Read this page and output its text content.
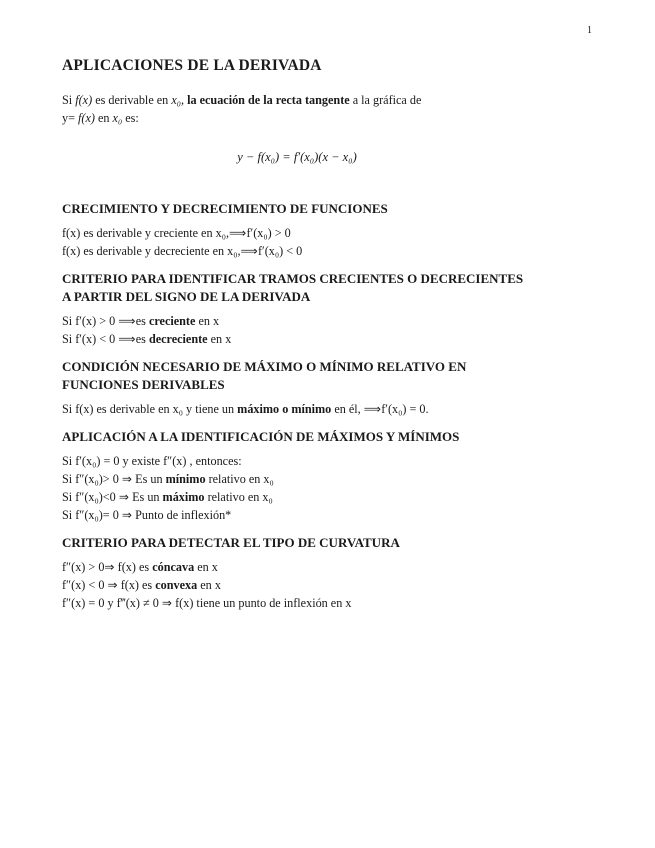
1
APLICACIONES DE LA DERIVADA

Si f(x) es derivable en x₀, la ecuación de la recta tangente a la gráfica de
y= f(x) en x₀ es:

y − f(x₀) = f′(x₀)(x − x₀)
CRECIMIENTO Y DECRECIMIENTO DE FUNCIONES

f(x) es derivable y creciente en x₀,⟹f′(x₀) > 0

f(x) es derivable y decreciente en x₀,⟹f′(x₀) < 0

CRITERIO PARA IDENTIFICAR TRAMOS CRECIENTES O DECRECIENTES A PARTIR DEL SIGNO DE LA DERIVADA

Si f′(x) > 0 ⟹es creciente en x

Si f′(x) < 0 ⟹es decreciente en x

CONDICIÓN NECESARIO DE MÁXIMO O MÍNIMO RELATIVO EN FUNCIONES DERIVABLES

Si f(x) es derivable en x₀ y tiene un máximo o mínimo en él, ⟹f′(x₀) = 0.

APLICACIÓN A LA IDENTIFICACIÓN DE MÁXIMOS Y MÍNIMOS

Si f′(x₀) = 0 y existe f″(x) , entonces:

Si f″(x₀)> 0 ⇒ Es un mínimo relativo en x₀

Si f″(x₀)<0 ⇒ Es un máximo relativo en x₀

Si f″(x₀)= 0 ⇒ Punto de inflexión*

CRITERIO PARA DETECTAR EL TIPO DE CURVATURA

f″(x) > 0⇒ f(x) es cóncava en x

f″(x) < 0 ⇒ f(x) es convexa en x

f″(x) = 0 y f‴(x) ≠ 0 ⇒ f(x) tiene un punto de inflexión en x
